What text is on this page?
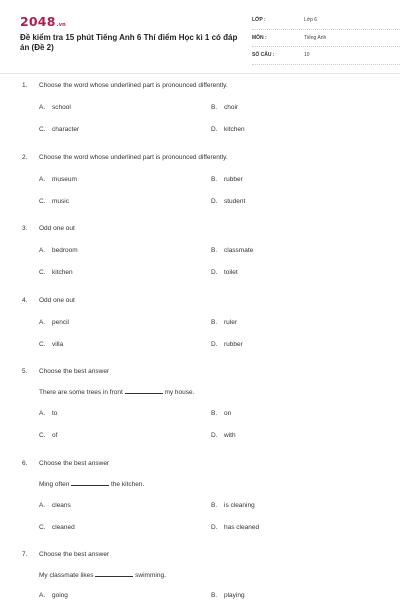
2048.vn
Đề kiểm tra 15 phút Tiếng Anh 6 Thí điểm Học kì 1 có đáp án (Đề 2)
LỚP :	Lớp 6
MÔN :	Tiếng Anh
SỐ CÂU :	10
1. Choose the word whose underlined part is pronounced differently.
A. school	B. choir
C. character	D. kitchen
2. Choose the word whose underlined part is pronounced differently.
A. museum	B. rubber
C. music	D. student
3. Odd one out
A. bedroom	B. classmate
C. kitchen	D. toilet
4. Odd one out
A. pencil	B. ruler
C. villa	D. rubber
5. Choose the best answer
There are some trees in front	my house.
A. to	B. on
C. of	D. with
6. Choose the best answer
Ming often	the kitchen.
A. cleans	B. is cleaning
C. cleaned	D. has cleaned
7. Choose the best answer
My classmate likes	swimming.
A. going	B. playing
